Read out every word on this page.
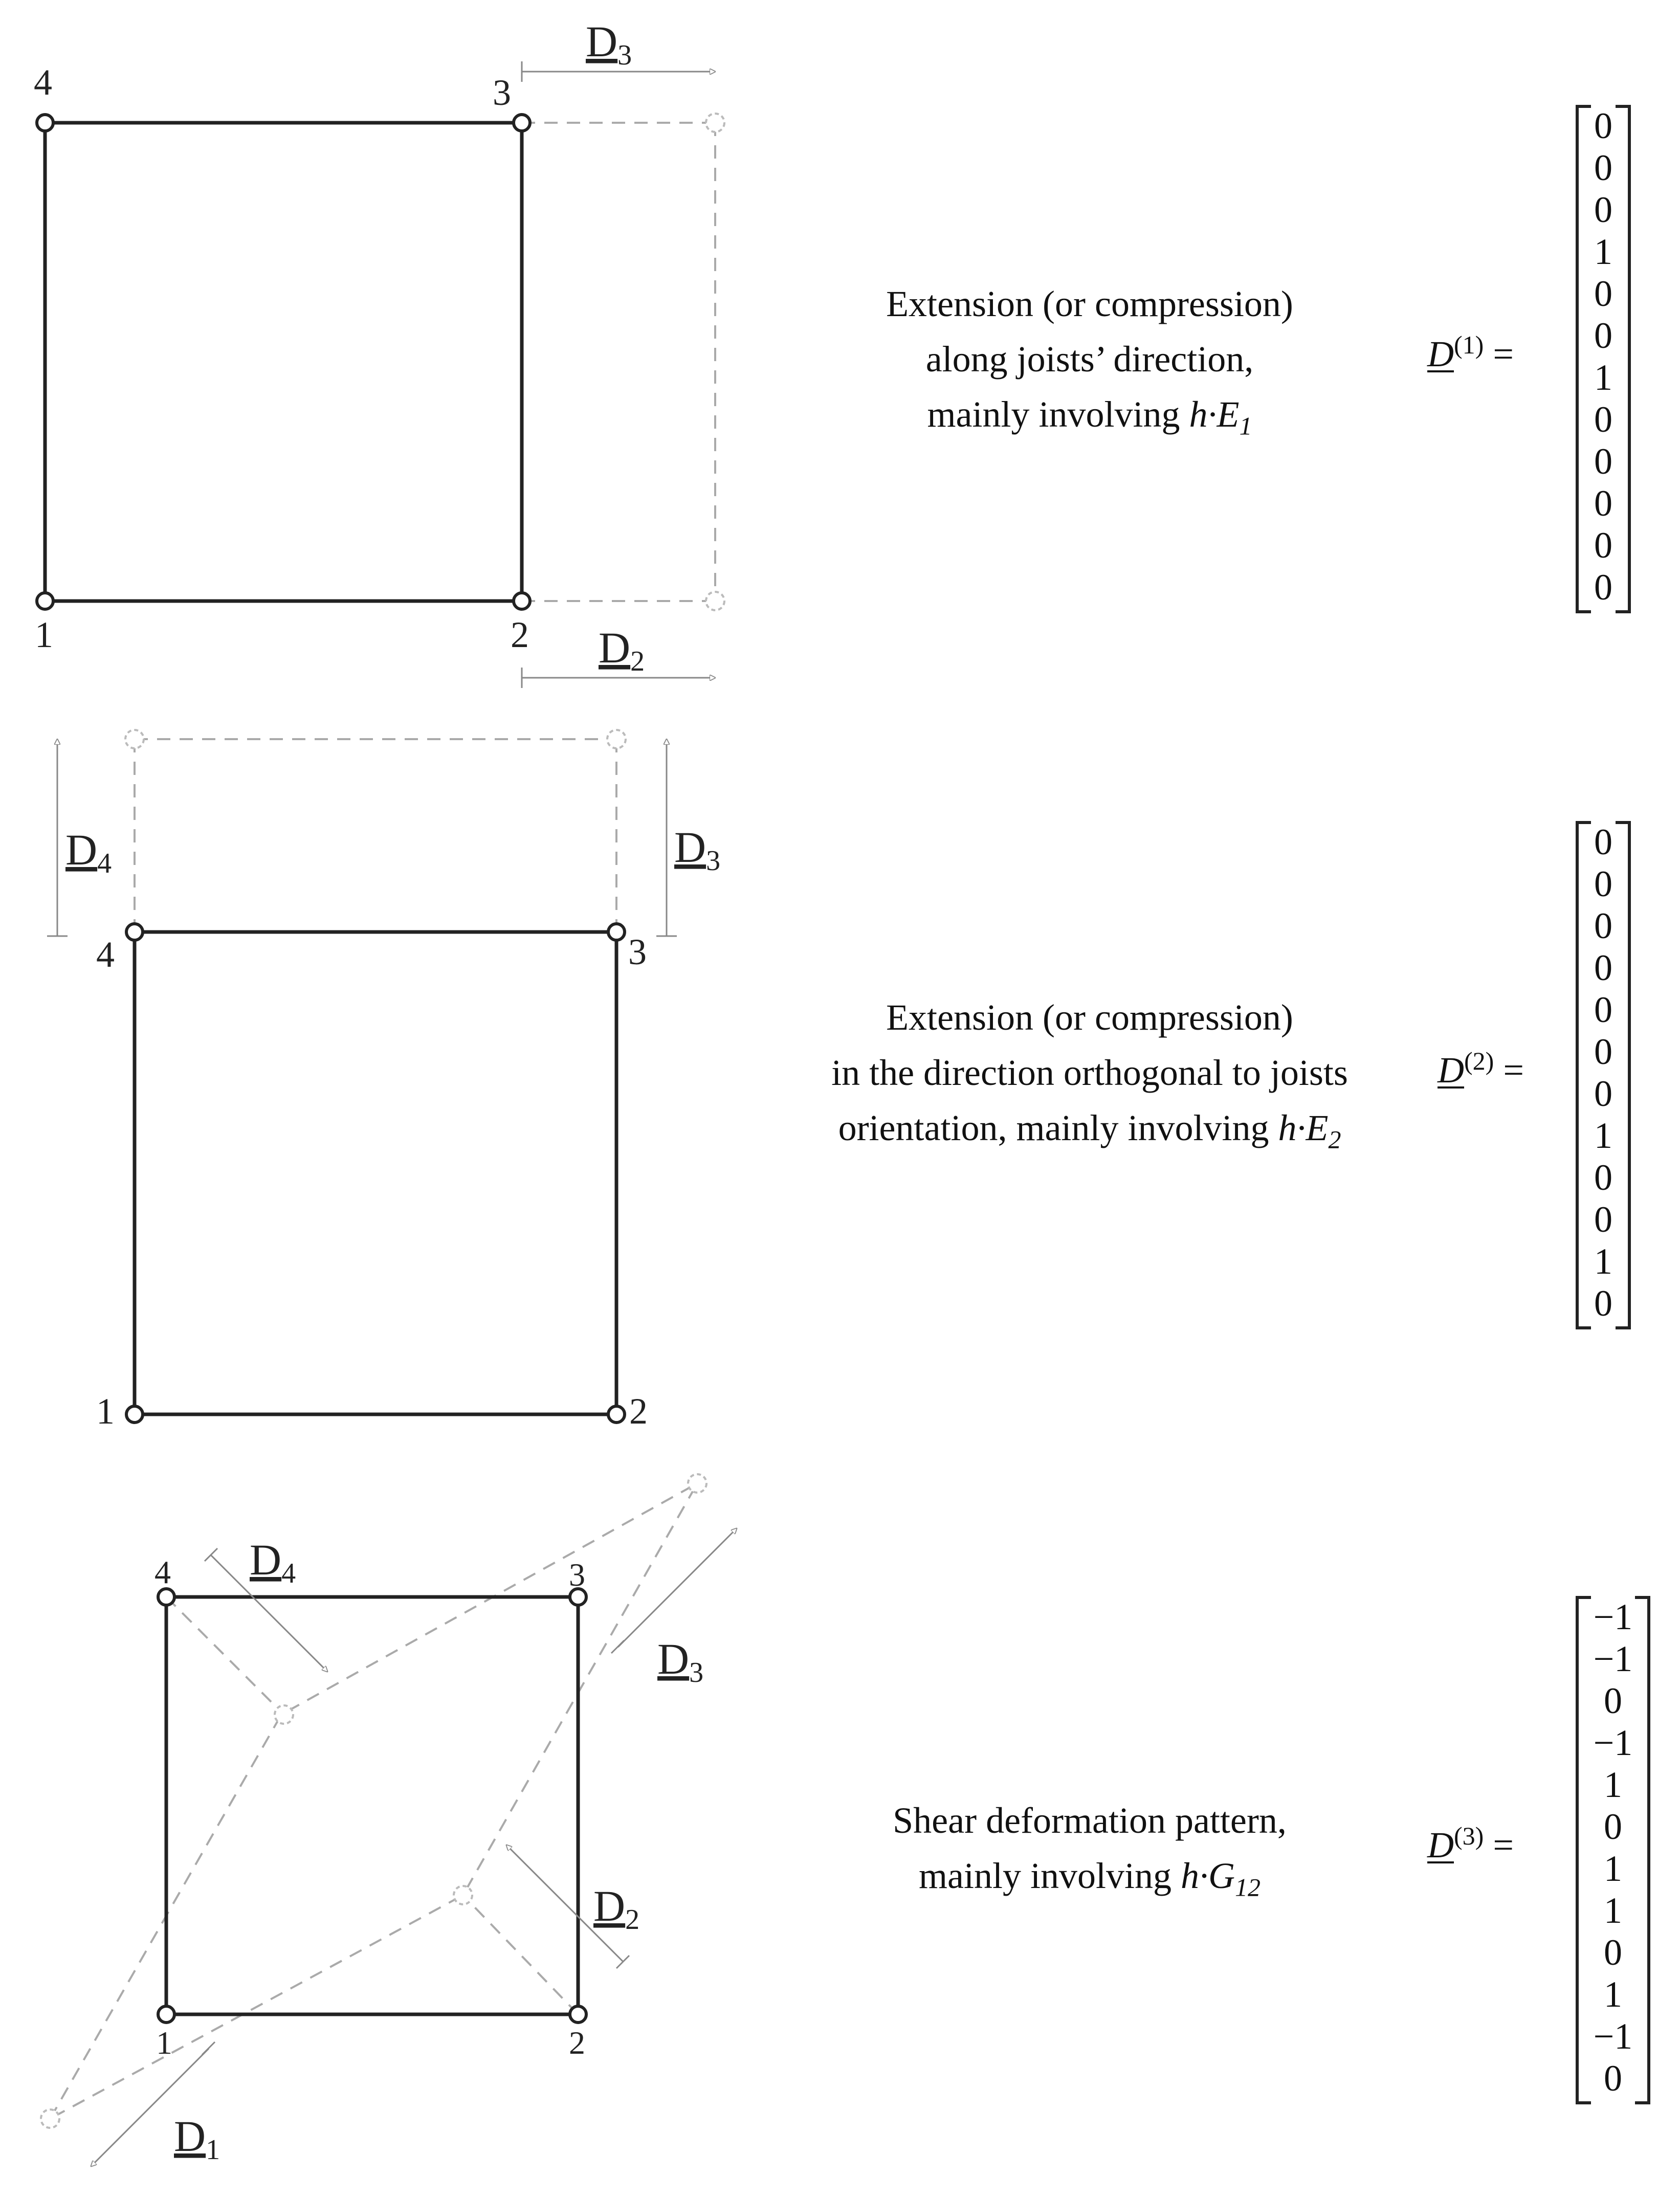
1	2
3
4
D3
D2
1	2
3
4
D4	D3
1	2
3
4 D4
D3
D2
D1
Extension (or compression)
along joists’ direction,
mainly involving $h\cdot E_1$
Extension (or compression)
in the direction orthogonal to joists
orientation, mainly involving $h\cdot E_2$
Shear deformation pattern,
mainly involving $h\cdot G_{12}$
$D^{(1)}$ =
0
0
0
1
0
0
1
0
0
0
0
0
$D^{(2)}$ =
0
0
0
0
0
0
0
1
0
0
1
0
$D^{(3)}$ =
−1
−1
0
−1
1
0
1
1
0
1
−1
0
